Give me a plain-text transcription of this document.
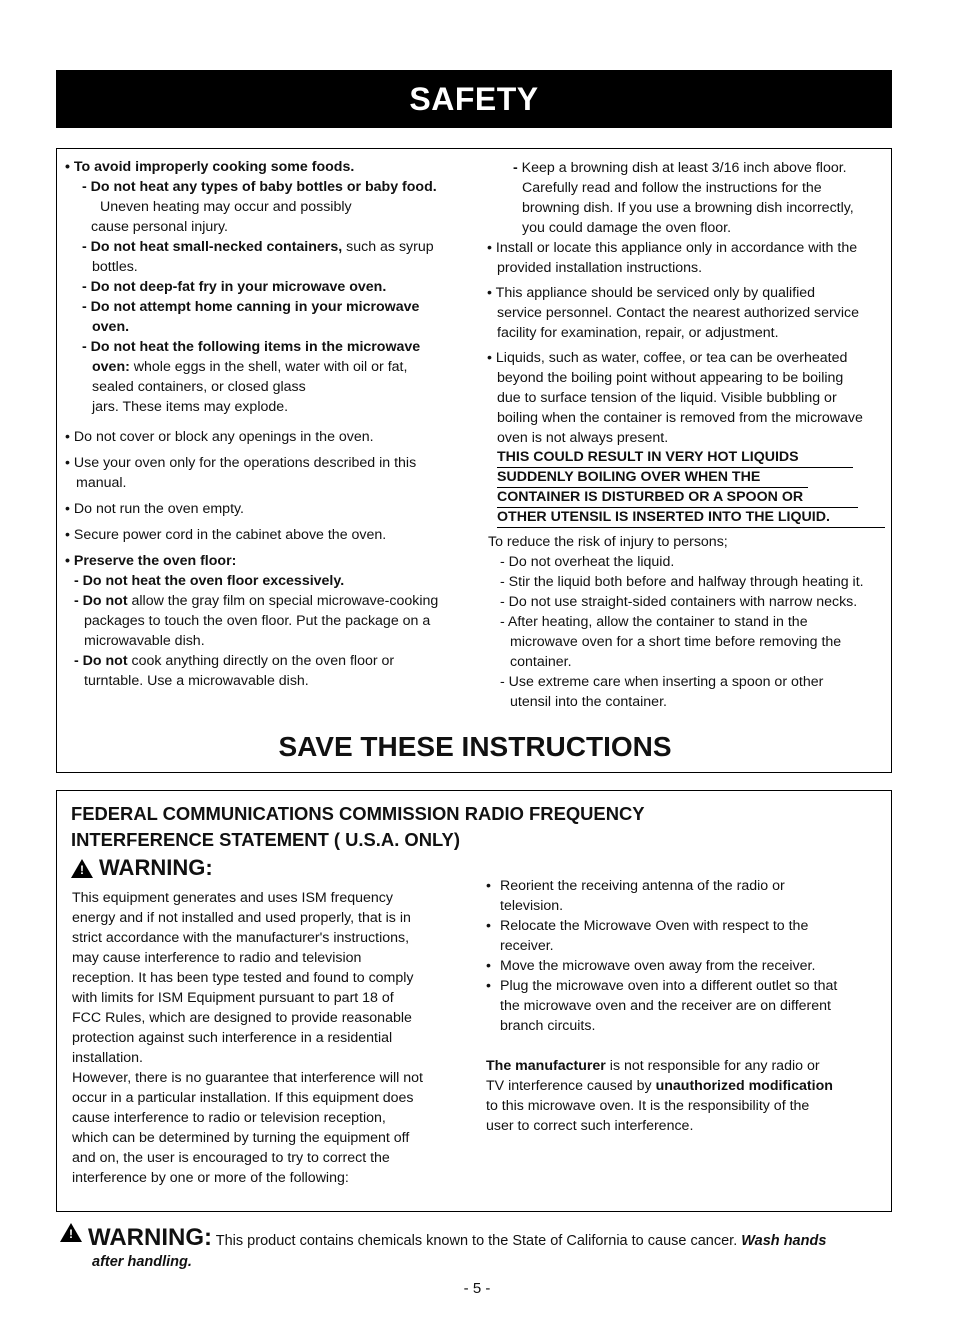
SAFETY
• To avoid improperly cooking some foods.
- Do not heat any types of baby bottles or baby food.
Uneven heating may occur and possibly
cause personal injury.
- Do not heat small-necked containers, such as syrup
bottles.
- Do not deep-fat fry in your microwave oven.
- Do not attempt home canning in your microwave
oven.
- Do not heat the following items in the microwave
oven: whole eggs in the shell, water with oil or fat,
sealed containers, or closed glass
jars. These items may explode.
• Do not cover or block any openings in the oven.
• Use your oven only for the operations described in this
manual.
• Do not run the oven empty.
• Secure power cord in the cabinet above the oven.
• Preserve the oven floor:
- Do not heat the oven floor excessively.
- Do not allow the gray film on special microwave-cooking
packages to touch the oven floor. Put the package on a
microwavable dish.
- Do not cook anything directly on the oven floor or
turntable. Use a microwavable dish.
- Keep a browning dish at least 3/16 inch above floor.
Carefully read and follow the instructions for the
browning dish. If you use a browning dish incorrectly,
you could damage the oven floor.
• Install or locate this appliance only in accordance with the
provided installation instructions.
• This appliance should be serviced only by qualified
service personnel. Contact the nearest authorized service
facility for examination, repair, or adjustment.
• Liquids, such as water, coffee, or tea can be overheated
beyond the boiling point without appearing to be boiling
due to surface tension of the liquid. Visible bubbling or
boiling when the container is removed from the microwave
oven is not always present.
THIS COULD RESULT IN VERY HOT LIQUIDS
SUDDENLY BOILING OVER WHEN THE
CONTAINER IS DISTURBED OR A SPOON OR
OTHER UTENSIL IS INSERTED INTO THE LIQUID.
To reduce the risk of injury to persons;
- Do not overheat the liquid.
- Stir the liquid both before and halfway through heating it.
- Do not use straight-sided containers with narrow necks.
- After heating, allow the container to stand in the
microwave oven for a short time before removing the
container.
- Use extreme care when inserting a spoon or other
utensil into the container.
SAVE THESE INSTRUCTIONS
FEDERAL COMMUNICATIONS COMMISSION RADIO FREQUENCY
INTERFERENCE STATEMENT ( U.S.A. ONLY)
! WARNING:
This equipment generates and uses ISM frequency
energy and if not installed and used properly, that is in
strict accordance with the manufacturer's instructions,
may cause interference to radio and television
reception. It has been type tested and found to comply
with limits for ISM Equipment pursuant to part 18 of
FCC Rules, which are designed to provide reasonable
protection against such interference in a residential
installation.
However, there is no guarantee that interference will not
occur in a particular installation. If this equipment does
cause interference to radio or television reception,
which can be determined by turning the equipment off
and on, the user is encouraged to try to correct the
interference by one or more of the following:
• Reorient the receiving antenna of the radio or
television.
• Relocate the Microwave Oven with respect to the
receiver.
• Move the microwave oven away from the receiver.
• Plug the microwave oven into a different outlet so that
the microwave oven and the receiver are on different
branch circuits.
The manufacturer is not responsible for any radio or
TV interference caused by unauthorized modification
to this microwave oven. It is the responsibility of the
user to correct such interference.
! WARNING: This product contains chemicals known to the State of California to cause cancer. Wash hands
after handling.
- 5 -
